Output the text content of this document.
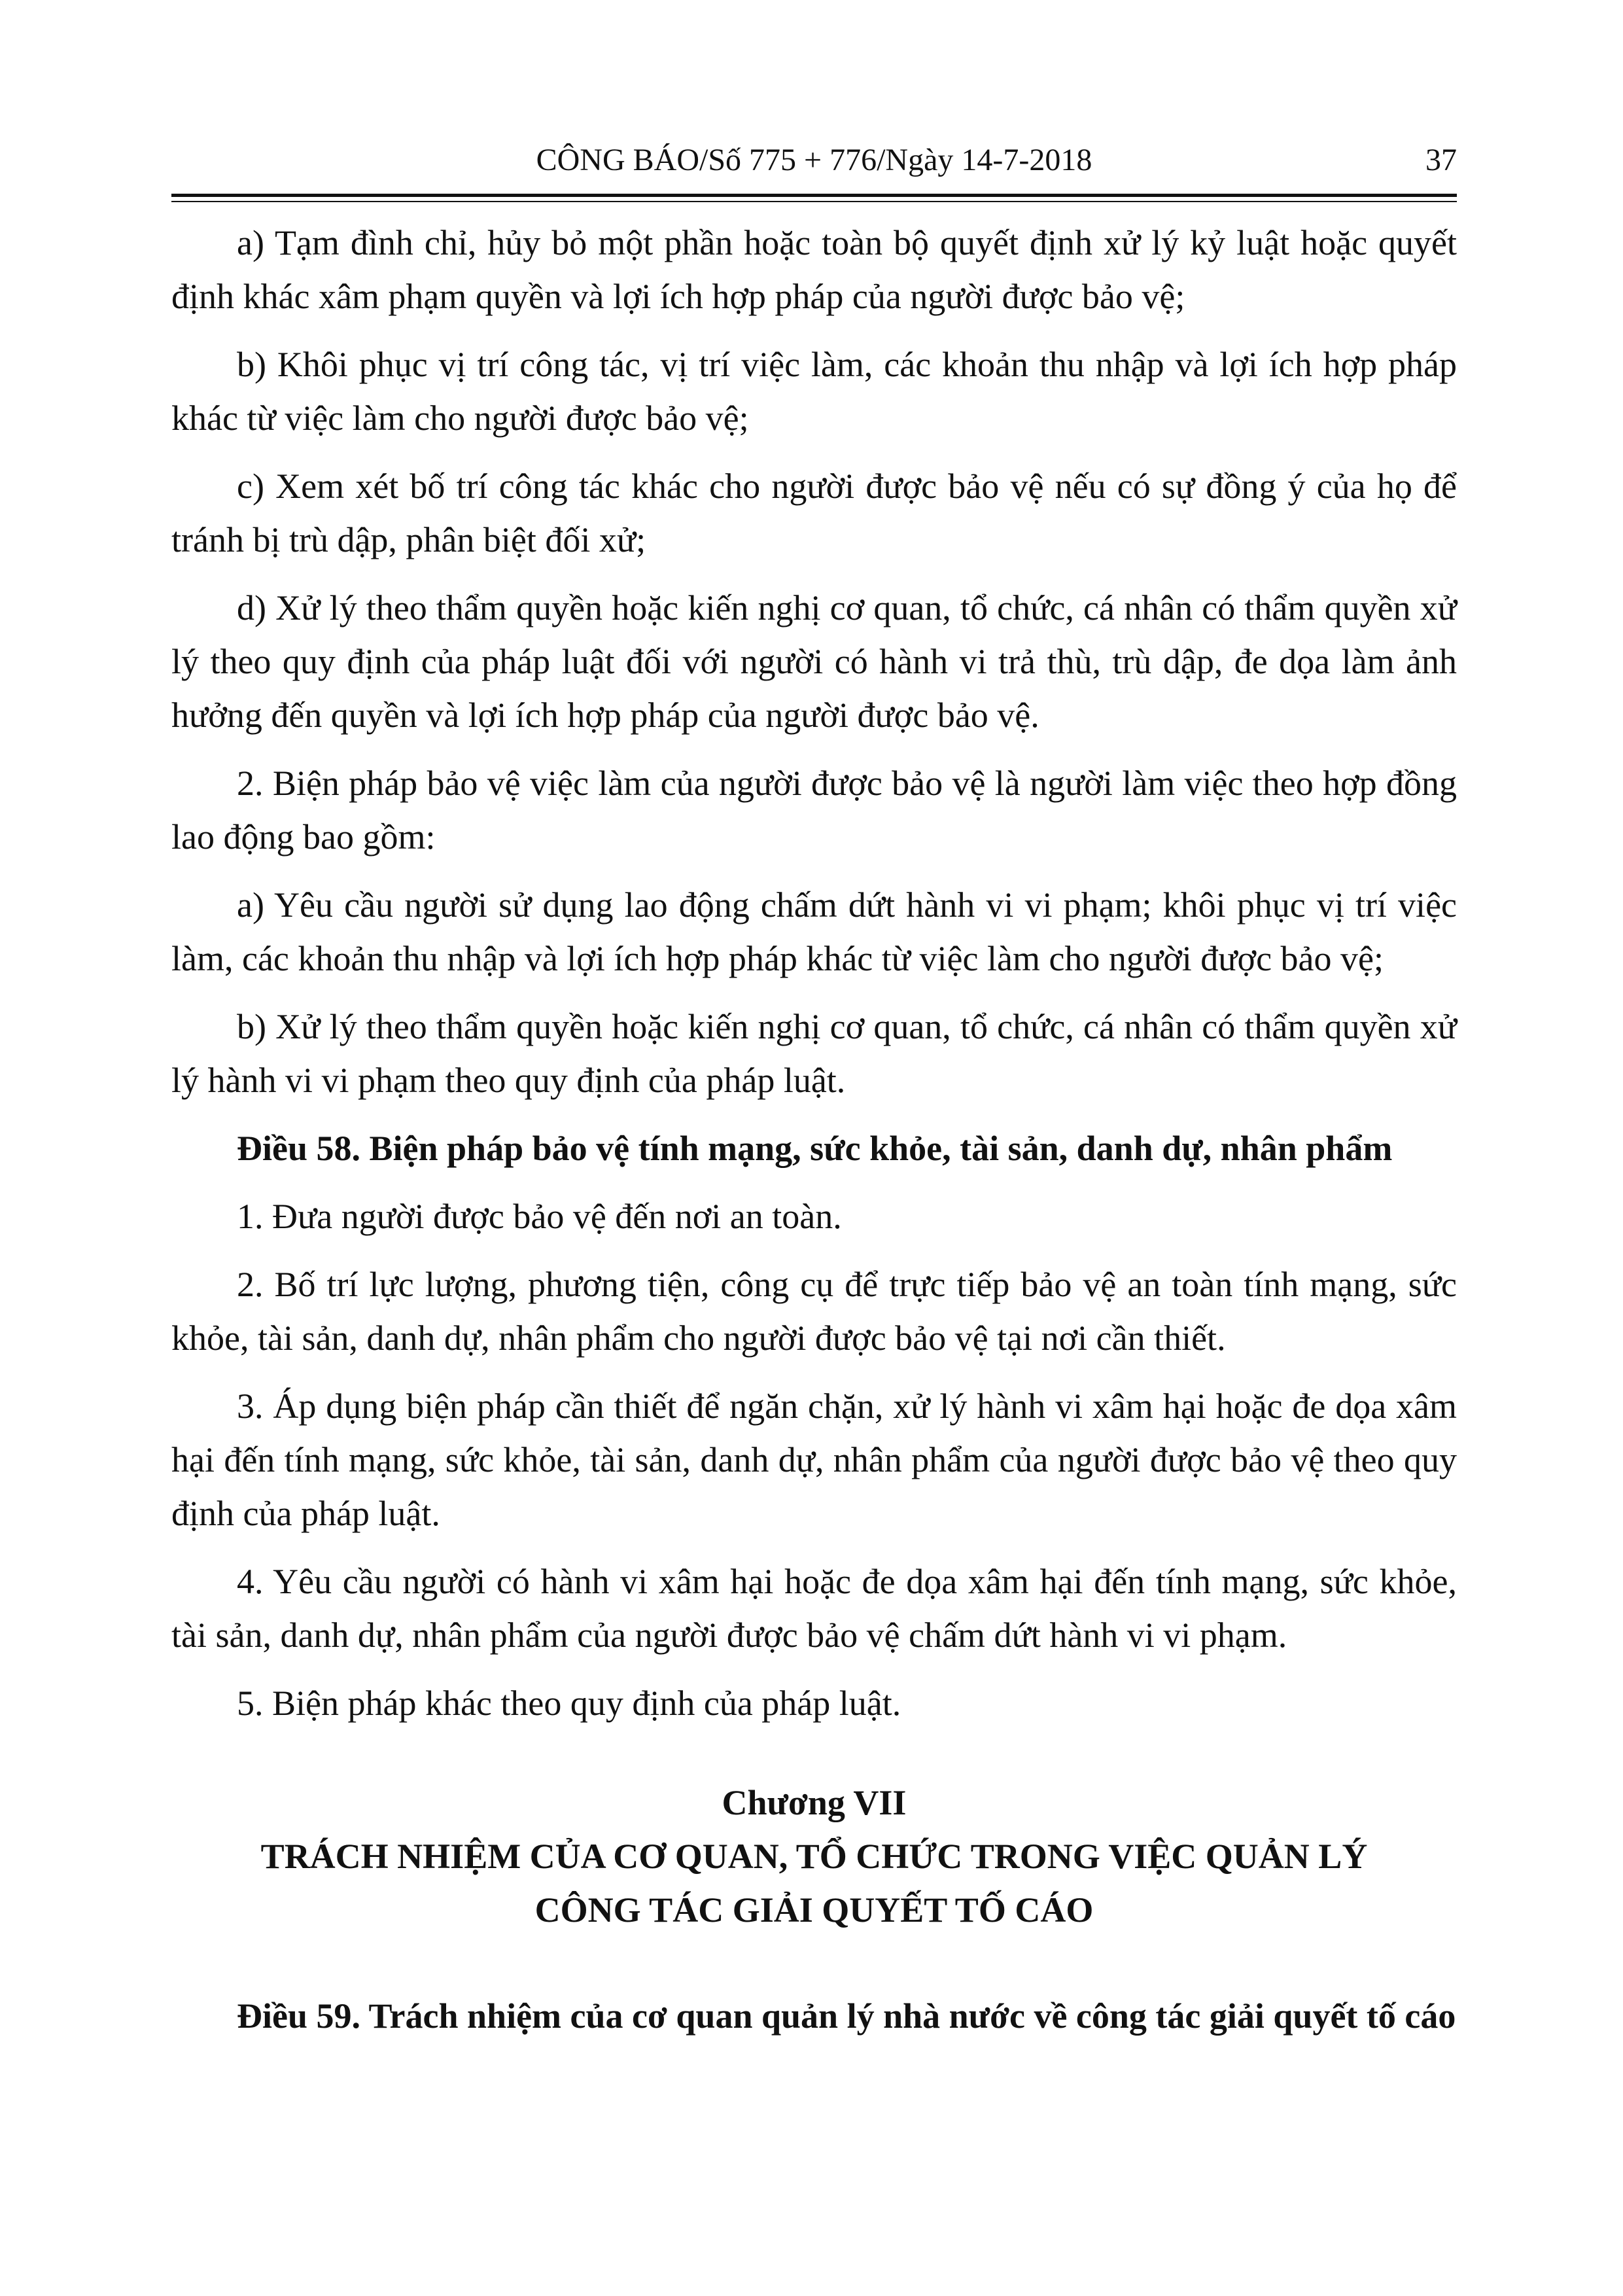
CÔNG BÁO/Số 775 + 776/Ngày 14-7-2018	37

a) Tạm đình chỉ, hủy bỏ một phần hoặc toàn bộ quyết định xử lý kỷ luật hoặc quyết định khác xâm phạm quyền và lợi ích hợp pháp của người được bảo vệ;

b) Khôi phục vị trí công tác, vị trí việc làm, các khoản thu nhập và lợi ích hợp pháp khác từ việc làm cho người được bảo vệ;

c) Xem xét bố trí công tác khác cho người được bảo vệ nếu có sự đồng ý của họ để tránh bị trù dập, phân biệt đối xử;

d) Xử lý theo thẩm quyền hoặc kiến nghị cơ quan, tổ chức, cá nhân có thẩm quyền xử lý theo quy định của pháp luật đối với người có hành vi trả thù, trù dập, đe dọa làm ảnh hưởng đến quyền và lợi ích hợp pháp của người được bảo vệ.

2. Biện pháp bảo vệ việc làm của người được bảo vệ là người làm việc theo hợp đồng lao động bao gồm:

a) Yêu cầu người sử dụng lao động chấm dứt hành vi vi phạm; khôi phục vị trí việc làm, các khoản thu nhập và lợi ích hợp pháp khác từ việc làm cho người được bảo vệ;

b) Xử lý theo thẩm quyền hoặc kiến nghị cơ quan, tổ chức, cá nhân có thẩm quyền xử lý hành vi vi phạm theo quy định của pháp luật.

Điều 58. Biện pháp bảo vệ tính mạng, sức khỏe, tài sản, danh dự, nhân phẩm

1. Đưa người được bảo vệ đến nơi an toàn.

2. Bố trí lực lượng, phương tiện, công cụ để trực tiếp bảo vệ an toàn tính mạng, sức khỏe, tài sản, danh dự, nhân phẩm cho người được bảo vệ tại nơi cần thiết.

3. Áp dụng biện pháp cần thiết để ngăn chặn, xử lý hành vi xâm hại hoặc đe dọa xâm hại đến tính mạng, sức khỏe, tài sản, danh dự, nhân phẩm của người được bảo vệ theo quy định của pháp luật.

4. Yêu cầu người có hành vi xâm hại hoặc đe dọa xâm hại đến tính mạng, sức khỏe, tài sản, danh dự, nhân phẩm của người được bảo vệ chấm dứt hành vi vi phạm.

5. Biện pháp khác theo quy định của pháp luật.

Chương VII
TRÁCH NHIỆM CỦA CƠ QUAN, TỔ CHỨC TRONG VIỆC QUẢN LÝ
CÔNG TÁC GIẢI QUYẾT TỐ CÁO

Điều 59. Trách nhiệm của cơ quan quản lý nhà nước về công tác giải quyết tố cáo
